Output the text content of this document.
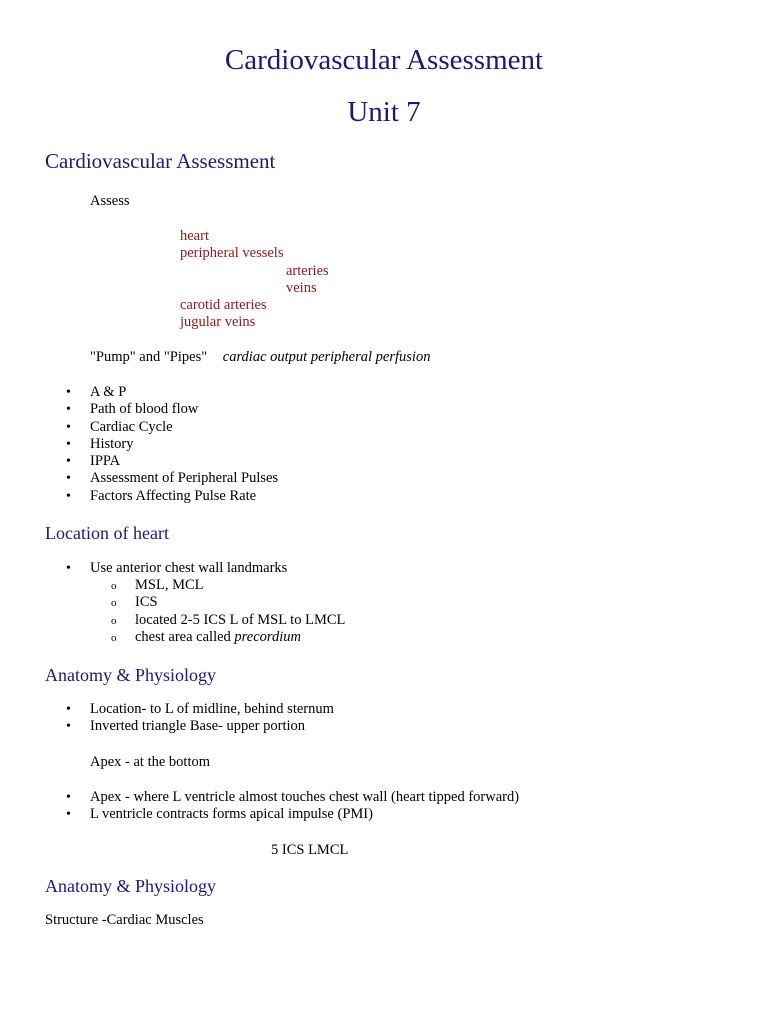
Cardiovascular Assessment
Unit 7
Cardiovascular Assessment
Assess
heart
peripheral vessels
arteries
veins
carotid arteries
jugular veins
"Pump" and "Pipes" cardiac output peripheral perfusion
• A & P
• Path of blood flow
• Cardiac Cycle
• History
• IPPA
• Assessment of Peripheral Pulses
• Factors Affecting Pulse Rate
Location of heart
• Use anterior chest wall landmarks
o MSL, MCL
o ICS
o located 2-5 ICS L of MSL to LMCL
o chest area called precordium
Anatomy & Physiology
• Location- to L of midline, behind sternum
• Inverted triangle Base- upper portion
Apex - at the bottom
• Apex - where L ventricle almost touches chest wall (heart tipped forward)
• L ventricle contracts forms apical impulse (PMI)
5 ICS LMCL
Anatomy & Physiology
Structure -Cardiac Muscles
